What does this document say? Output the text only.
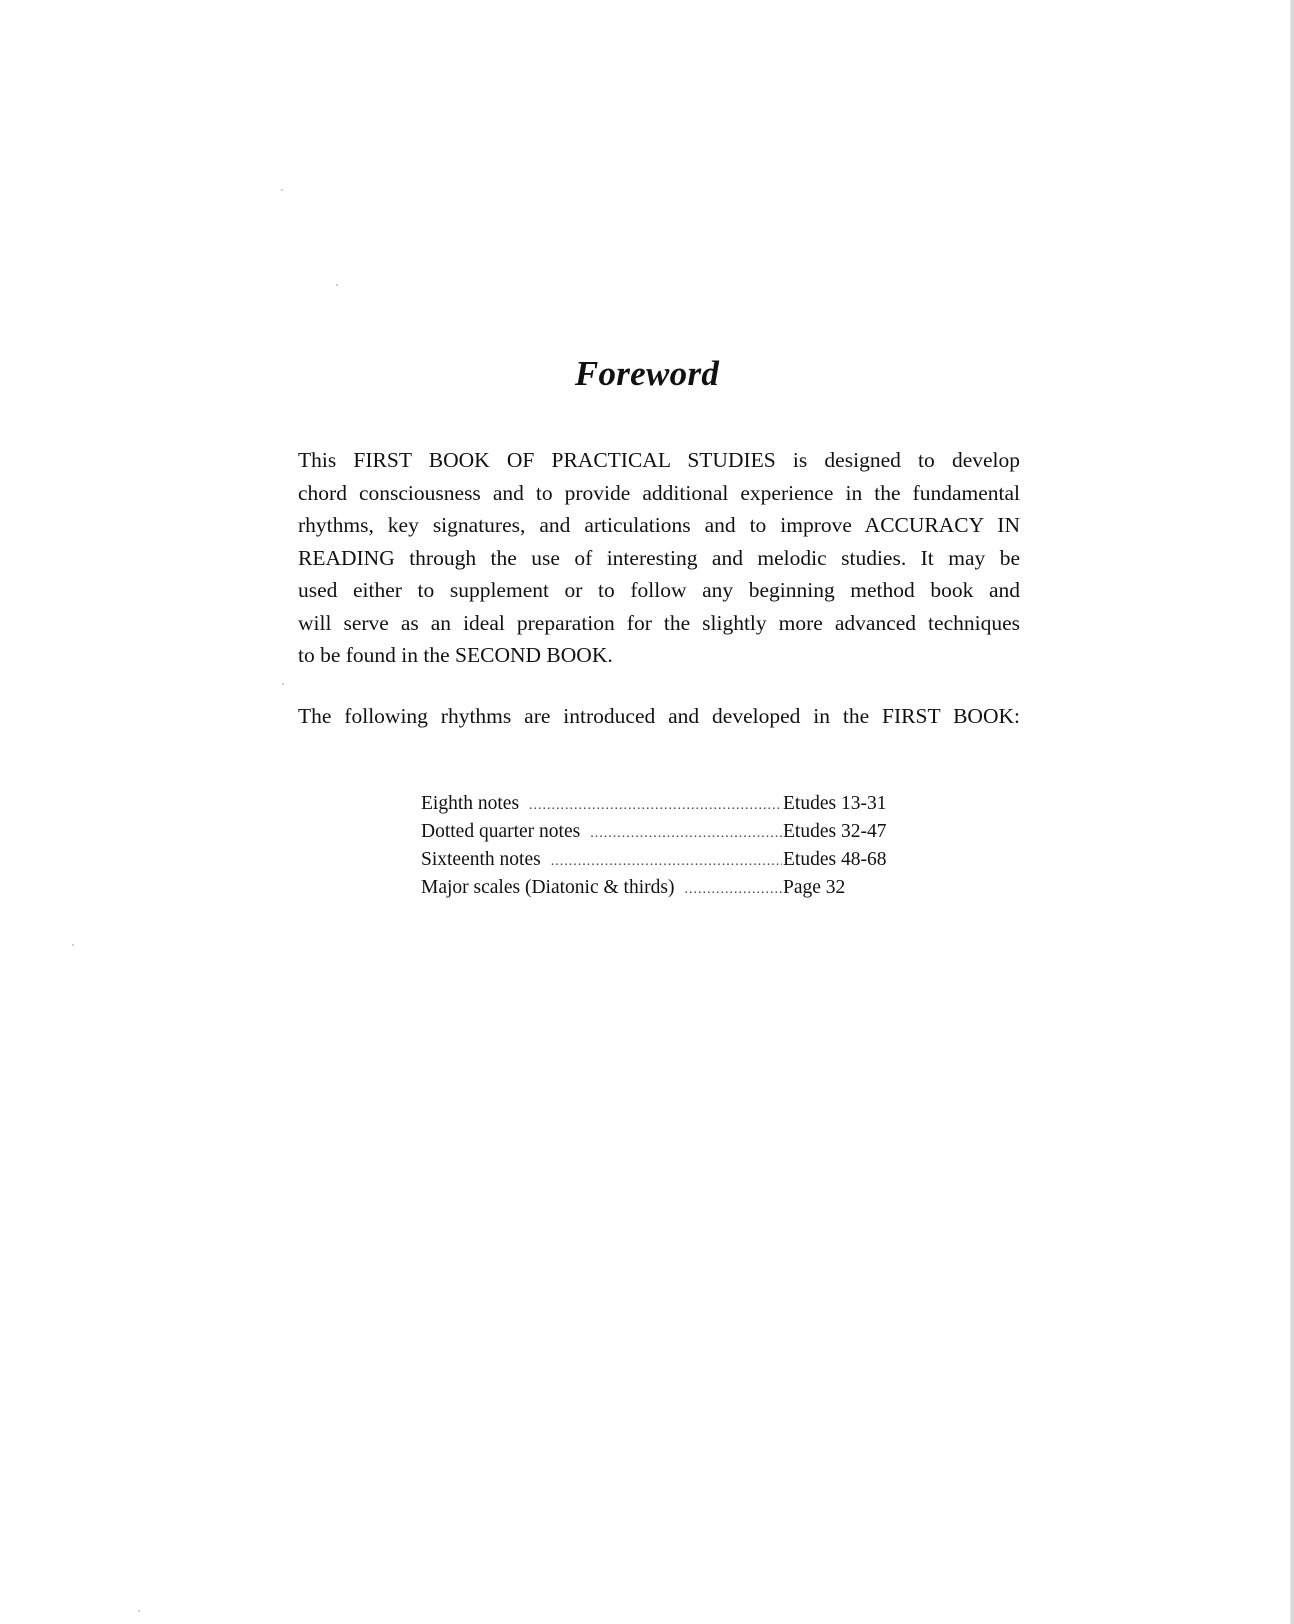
Foreword

This FIRST BOOK OF PRACTICAL STUDIES is designed to develop

chord consciousness and to provide additional experience in the fundamental

rhythms, key signatures, and articulations and to improve ACCURACY IN

READING through the use of interesting and melodic studies. It may be

used either to supplement or to follow any beginning method book and

will serve as an ideal preparation for the slightly more advanced techniques

to be found in the SECOND BOOK.

The following rhythms are introduced and developed in the FIRST BOOK:

Eighth notes .....	Etudes 13-31
Dotted quarter notes .....	Etudes 32-47
Sixteenth notes .....	Etudes 48-68
Major scales (Diatonic & thirds) .....	Page 32
